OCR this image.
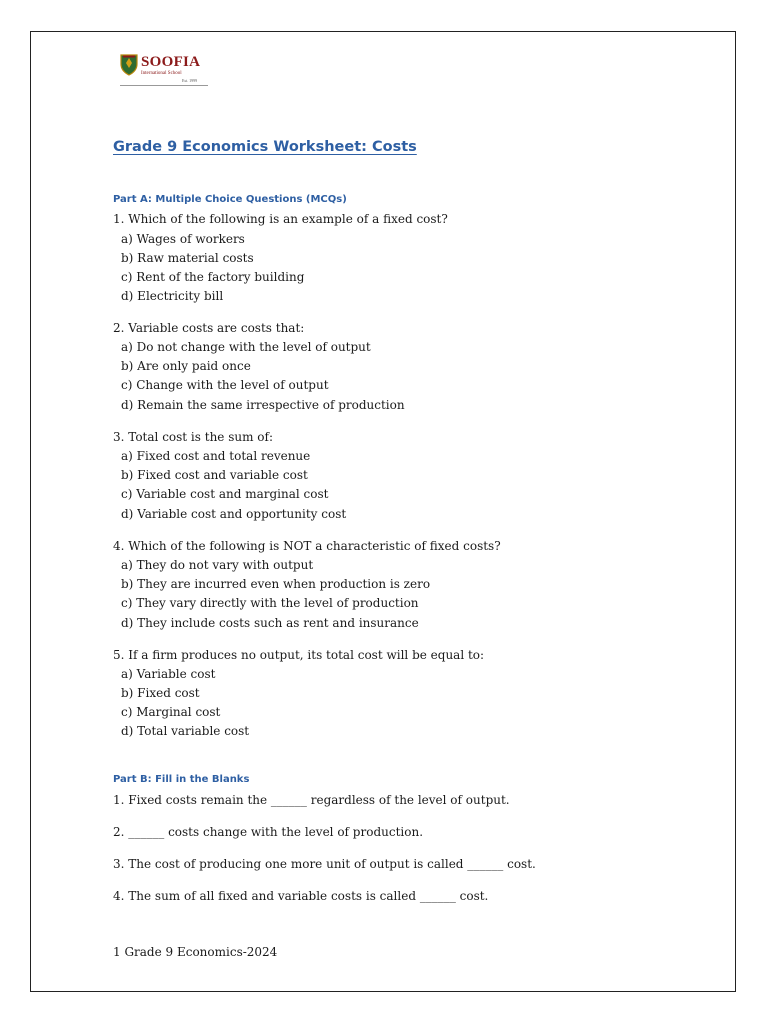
SOOFIA
International School
Est. 1999
Grade 9 Economics Worksheet: Costs
Part A: Multiple Choice Questions (MCQs)
1. Which of the following is an example of a fixed cost?
a) Wages of workers
b) Raw material costs
c) Rent of the factory building
d) Electricity bill
2. Variable costs are costs that:
a) Do not change with the level of output
b) Are only paid once
c) Change with the level of output
d) Remain the same irrespective of production
3. Total cost is the sum of:
a) Fixed cost and total revenue
b) Fixed cost and variable cost
c) Variable cost and marginal cost
d) Variable cost and opportunity cost
4. Which of the following is NOT a characteristic of fixed costs?
a) They do not vary with output
b) They are incurred even when production is zero
c) They vary directly with the level of production
d) They include costs such as rent and insurance
5. If a firm produces no output, its total cost will be equal to:
a) Variable cost
b) Fixed cost
c) Marginal cost
d) Total variable cost
Part B: Fill in the Blanks
1. Fixed costs remain the ______ regardless of the level of output.
2. ______ costs change with the level of production.
3. The cost of producing one more unit of output is called ______ cost.
4. The sum of all fixed and variable costs is called ______ cost.
1 Grade 9 Economics-2024
